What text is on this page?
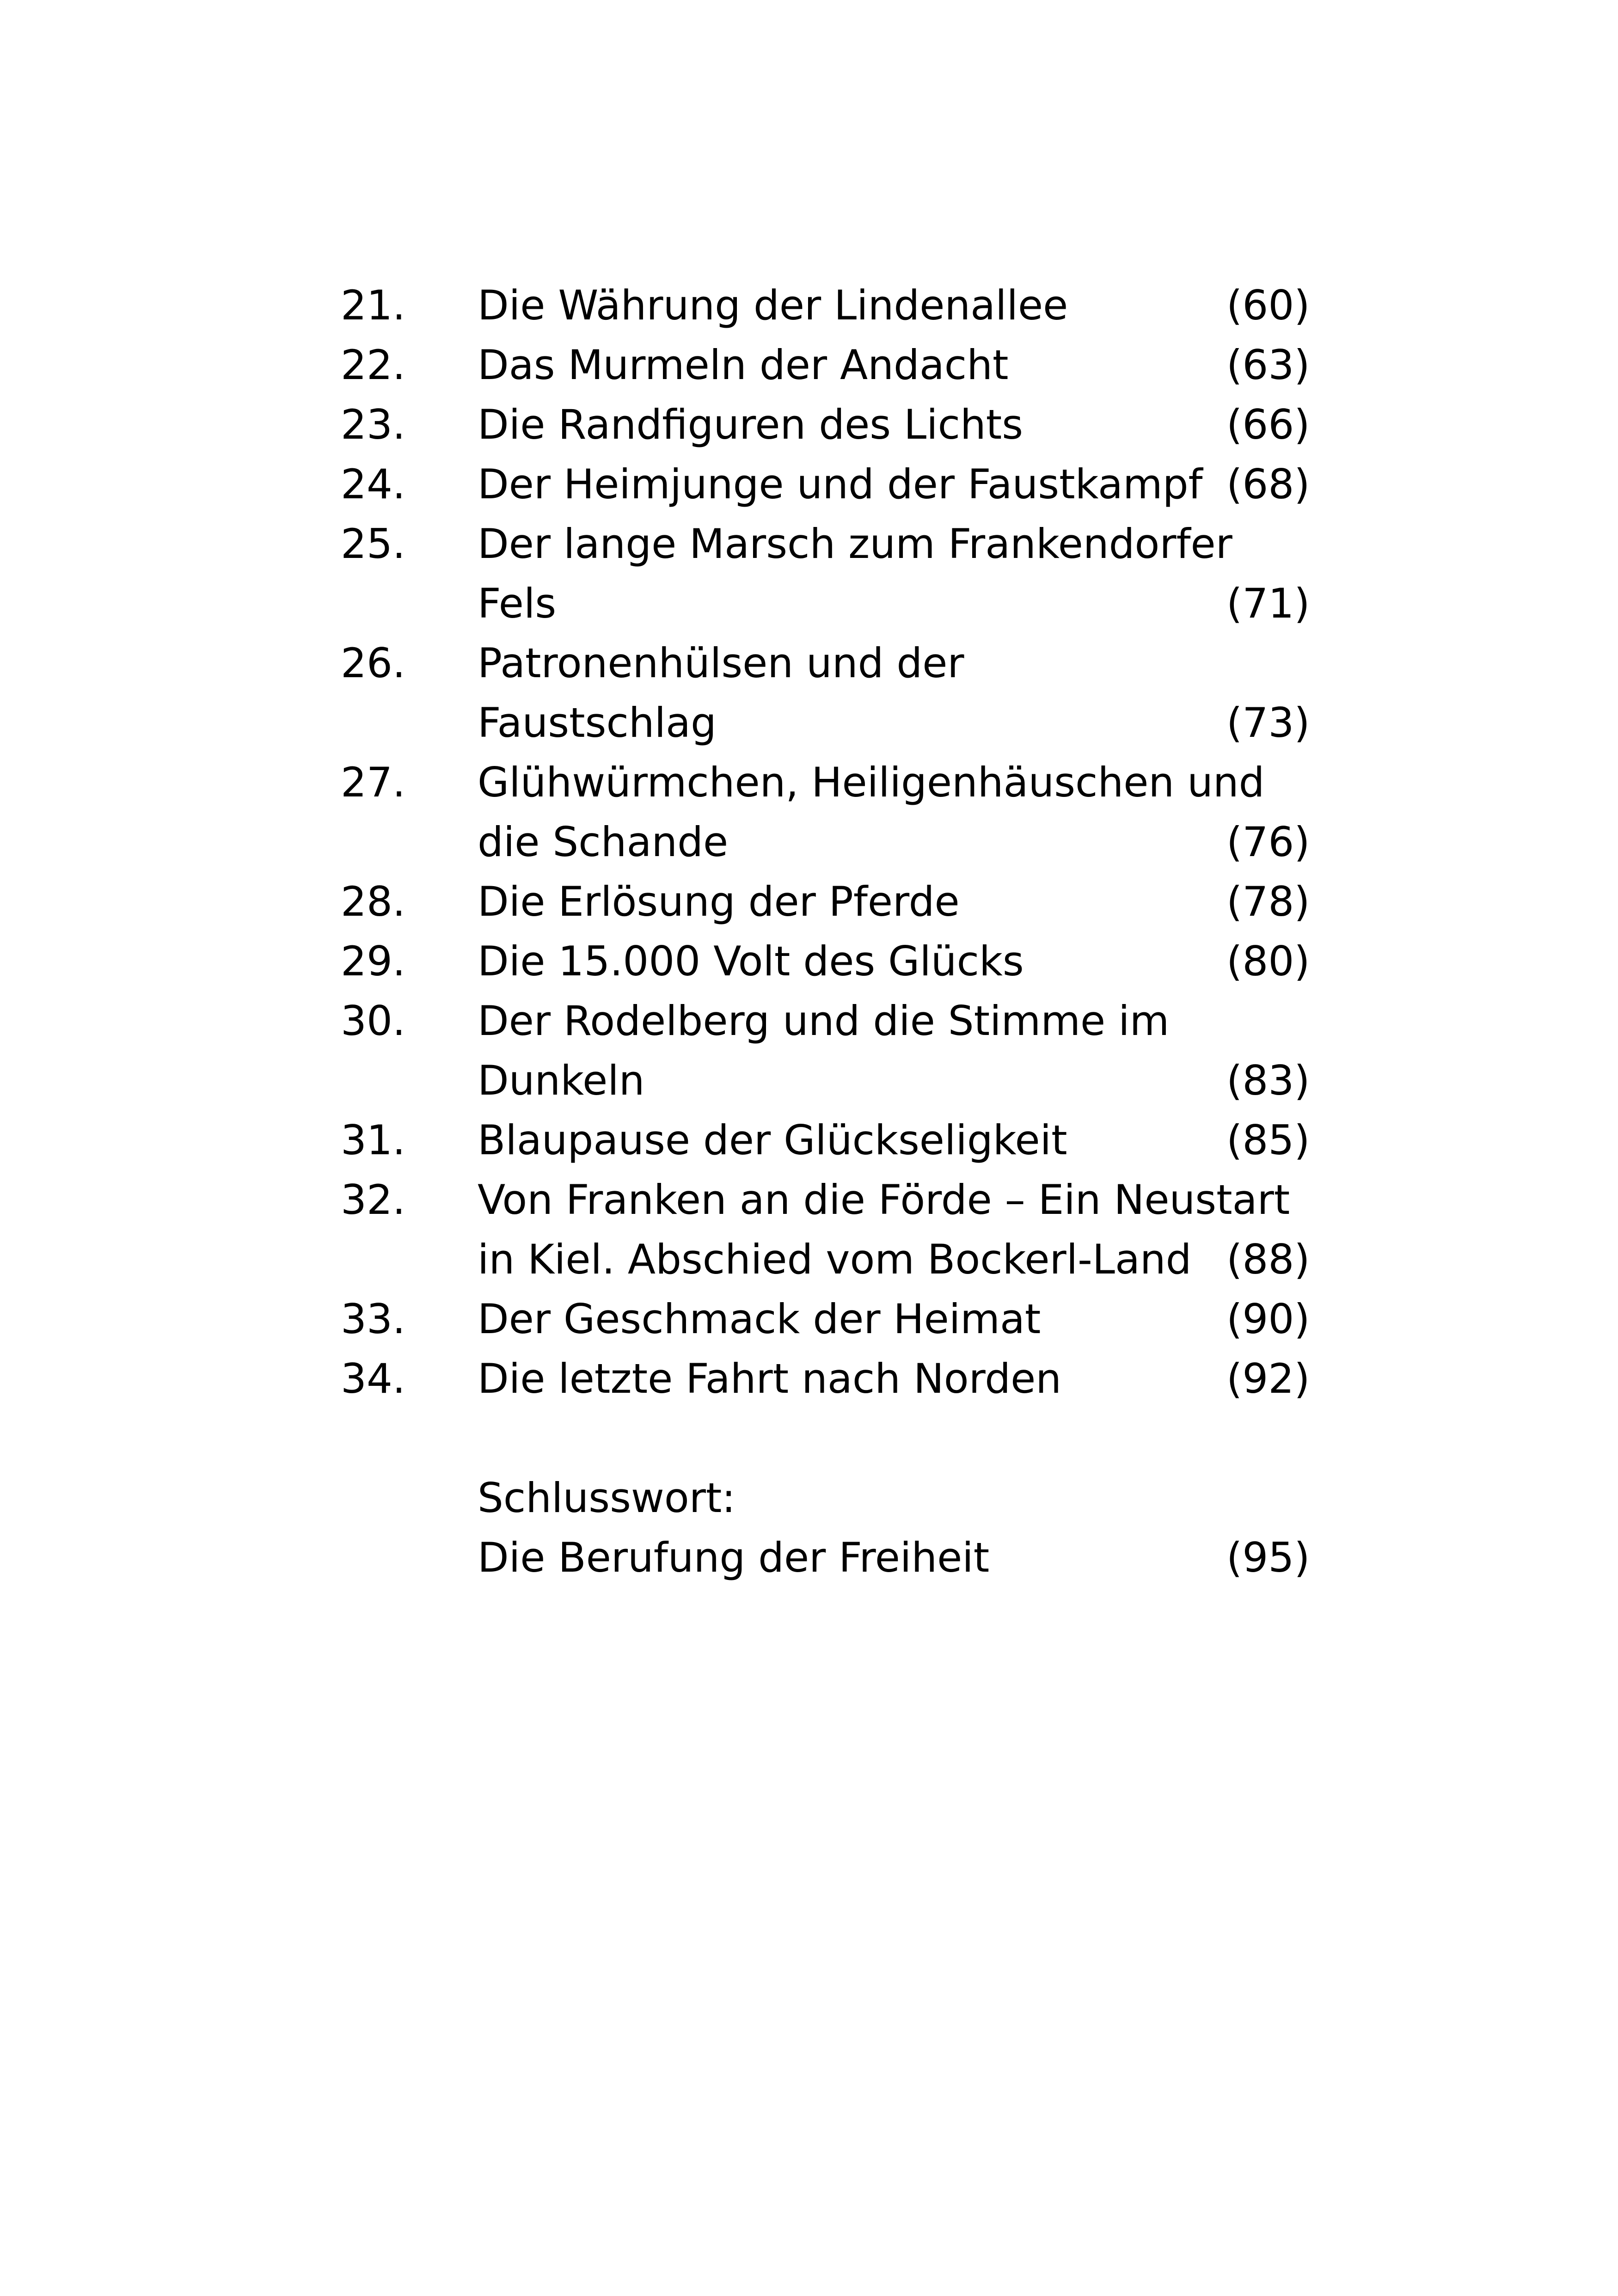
21.	Die Währung der Lindenallee	(60)
22.	Das Murmeln der Andacht	(63)
23.	Die Randfiguren des Lichts	(66)
24.	Der Heimjunge und der Faustkampf (68)
25.	Der lange Marsch zum Frankendorfer
Fels	(71)
26.	Patronenhülsen und der
Faustschlag	(73)
27.	Glühwürmchen, Heiligenhäuschen und
die Schande	(76)
28.	Die Erlösung der Pferde	(78)
29.	Die 15.000 Volt des Glücks	(80)
30.	Der Rodelberg und die Stimme im
Dunkeln	(83)
31.	Blaupause der Glückseligkeit	(85)
32.	Von Franken an die Förde – Ein Neustart
in Kiel. Abschied vom Bockerl-Land (88)
33.	Der Geschmack der Heimat	(90)
34.	Die letzte Fahrt nach Norden	(92)
Schlusswort:
Die Berufung der Freiheit	(95)
